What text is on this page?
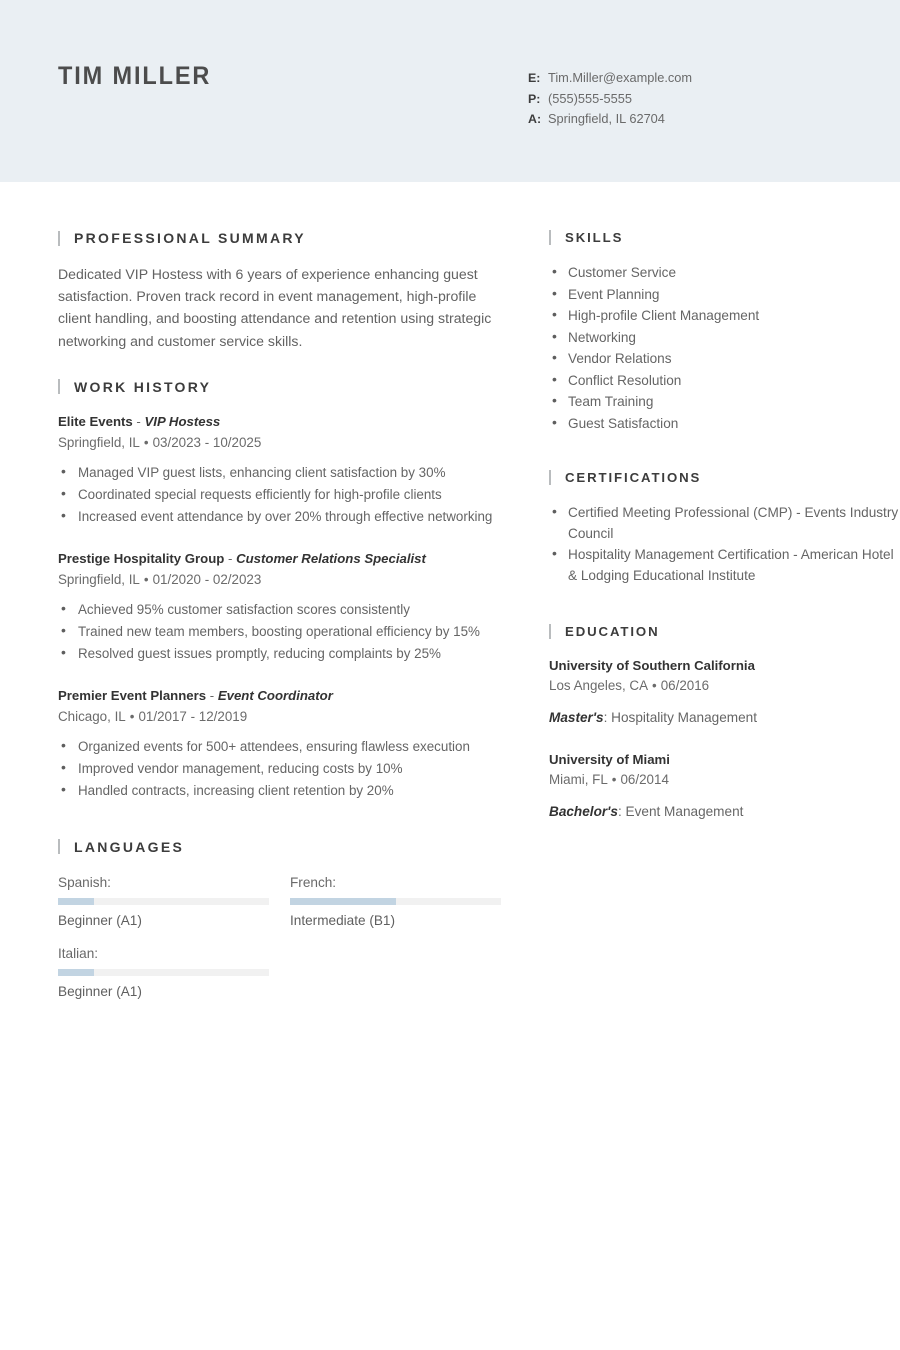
TIM MILLER	E: Tim.Miller@example.com
P: (555)555-5555
A: Springfield, IL 62704
PROFESSIONAL SUMMARY
Dedicated VIP Hostess with 6 years of experience enhancing guest satisfaction. Proven track record in event management, high-profile client handling, and boosting attendance and retention using strategic networking and customer service skills.
WORK HISTORY
Elite Events - VIP Hostess
Springfield, IL • 03/2023 - 10/2025
• Managed VIP guest lists, enhancing client satisfaction by 30%
• Coordinated special requests efficiently for high-profile clients
• Increased event attendance by over 20% through effective networking
Prestige Hospitality Group - Customer Relations Specialist
Springfield, IL • 01/2020 - 02/2023
• Achieved 95% customer satisfaction scores consistently
• Trained new team members, boosting operational efficiency by 15%
• Resolved guest issues promptly, reducing complaints by 25%
Premier Event Planners - Event Coordinator
Chicago, IL • 01/2017 - 12/2019
• Organized events for 500+ attendees, ensuring flawless execution
• Improved vendor management, reducing costs by 10%
• Handled contracts, increasing client retention by 20%
LANGUAGES
Spanish:
Beginner (A1)
French:
Intermediate (B1)
Italian:
Beginner (A1)
SKILLS
• Customer Service
• Event Planning
• High-profile Client Management
• Networking
• Vendor Relations
• Conflict Resolution
• Team Training
• Guest Satisfaction
CERTIFICATIONS
• Certified Meeting Professional (CMP) - Events Industry Council
• Hospitality Management Certification - American Hotel & Lodging Educational Institute
EDUCATION
University of Southern California
Los Angeles, CA • 06/2016
Master's: Hospitality Management
University of Miami
Miami, FL • 06/2014
Bachelor's: Event Management
